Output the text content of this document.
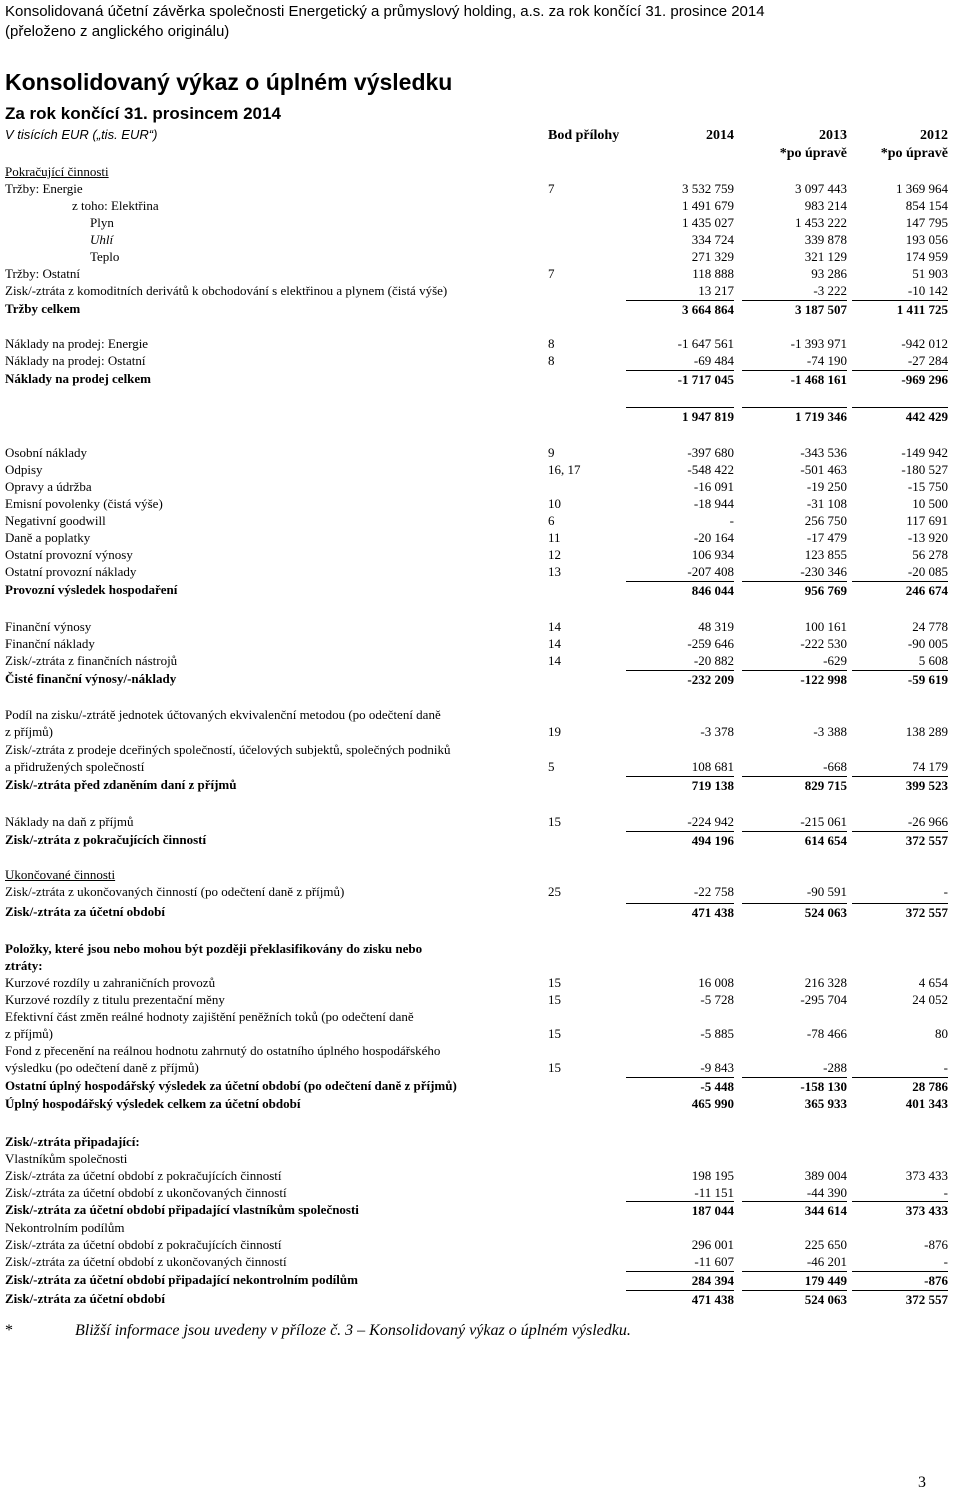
Konsolidovaná účetní závěrka společnosti Energetický a průmyslový holding, a.s. za rok končící 31. prosince 2014
(přeloženo z anglického originálu)
Konsolidovaný výkaz o úplném výsledku
Za rok končící 31. prosincem 2014
V tisících EUR („tis. EUR“)	Bod přílohy	2014	2013	2012
*po úpravě *po úpravě
Pokračující činnosti
Tržby: Energie	7	3 532 759	3 097 443	1 369 964
z toho: Elektřina	1 491 679	983 214	854 154
Plyn	1 435 027	1 453 222	147 795
Uhlí	334 724	339 878	193 056
Teplo	271 329	321 129	174 959
Tržby: Ostatní	7	118 888	93 286	51 903
Zisk/-ztráta z komoditních derivátů k obchodování s elektřinou a plynem (čistá výše)	13 217	-3 222	-10 142
Tržby celkem	3 664 864	3 187 507	1 411 725
Náklady na prodej: Energie	8	-1 647 561	-1 393 971	-942 012
Náklady na prodej: Ostatní	8	-69 484	-74 190	-27 284
Náklady na prodej celkem	-1 717 045	-1 468 161	-969 296
1 947 819	1 719 346	442 429
Osobní náklady	9	-397 680	-343 536	-149 942
Odpisy	16, 17	-548 422	-501 463	-180 527
Opravy a údržba	-16 091	-19 250	-15 750
Emisní povolenky (čistá výše)	10	-18 944	-31 108	10 500
Negativní goodwill	6	-	256 750	117 691
Daně a poplatky	11	-20 164	-17 479	-13 920
Ostatní provozní výnosy	12	106 934	123 855	56 278
Ostatní provozní náklady	13	-207 408	-230 346	-20 085
Provozní výsledek hospodaření	846 044	956 769	246 674
Finanční výnosy	14	48 319	100 161	24 778
Finanční náklady	14	-259 646	-222 530	-90 005
Zisk/-ztráta z finančních nástrojů	14	-20 882	-629	5 608
Čisté finanční výnosy/-náklady	-232 209	-122 998	-59 619
Podíl na zisku/-ztrátě jednotek účtovaných ekvivalenční metodou (po odečtení daně
z příjmů)	19	-3 378	-3 388	138 289
Zisk/-ztráta z prodeje dceřiných společností, účelových subjektů, společných podniků
a přidružených společností	5	108 681	-668	74 179
Zisk/-ztráta před zdaněním daní z příjmů	719 138	829 715	399 523
Náklady na daň z příjmů	15	-224 942	-215 061	-26 966
Zisk/-ztráta z pokračujících činností	494 196	614 654	372 557
Ukončované činnosti
Zisk/-ztráta z ukončovaných činností (po odečtení daně z příjmů)	25	-22 758	-90 591	-
Zisk/-ztráta za účetní období	471 438	524 063	372 557
Položky, které jsou nebo mohou být později překlasifikovány do zisku nebo
ztráty:
Kurzové rozdíly u zahraničních provozů	15	16 008	216 328	4 654
Kurzové rozdíly z titulu prezentační měny	15	-5 728	-295 704	24 052
Efektivní část změn reálné hodnoty zajištění peněžních toků (po odečtení daně
z příjmů)	15	-5 885	-78 466	80
Fond z přecenění na reálnou hodnotu zahrnutý do ostatního úplného hospodářského
výsledku (po odečtení daně z příjmů)	15	-9 843	-288	-
Ostatní úplný hospodářský výsledek za účetní období (po odečtení daně z příjmů)	-5 448	-158 130	28 786
Úplný hospodářský výsledek celkem za účetní období	465 990	365 933	401 343
Zisk/-ztráta připadající:
Vlastníkům společnosti
Zisk/-ztráta za účetní období z pokračujících činností	198 195	389 004	373 433
Zisk/-ztráta za účetní období z ukončovaných činností	-11 151	-44 390	-
Zisk/-ztráta za účetní období připadající vlastníkům společnosti	187 044	344 614	373 433
Nekontrolním podílům
Zisk/-ztráta za účetní období z pokračujících činností	296 001	225 650	-876
Zisk/-ztráta za účetní období z ukončovaných činností	-11 607	-46 201	-
Zisk/-ztráta za účetní období připadající nekontrolním podílům	284 394	179 449	-876
Zisk/-ztráta za účetní období	471 438	524 063	372 557
*	Bližší informace jsou uvedeny v příloze č. 3 – Konsolidovaný výkaz o úplném výsledku.
3
